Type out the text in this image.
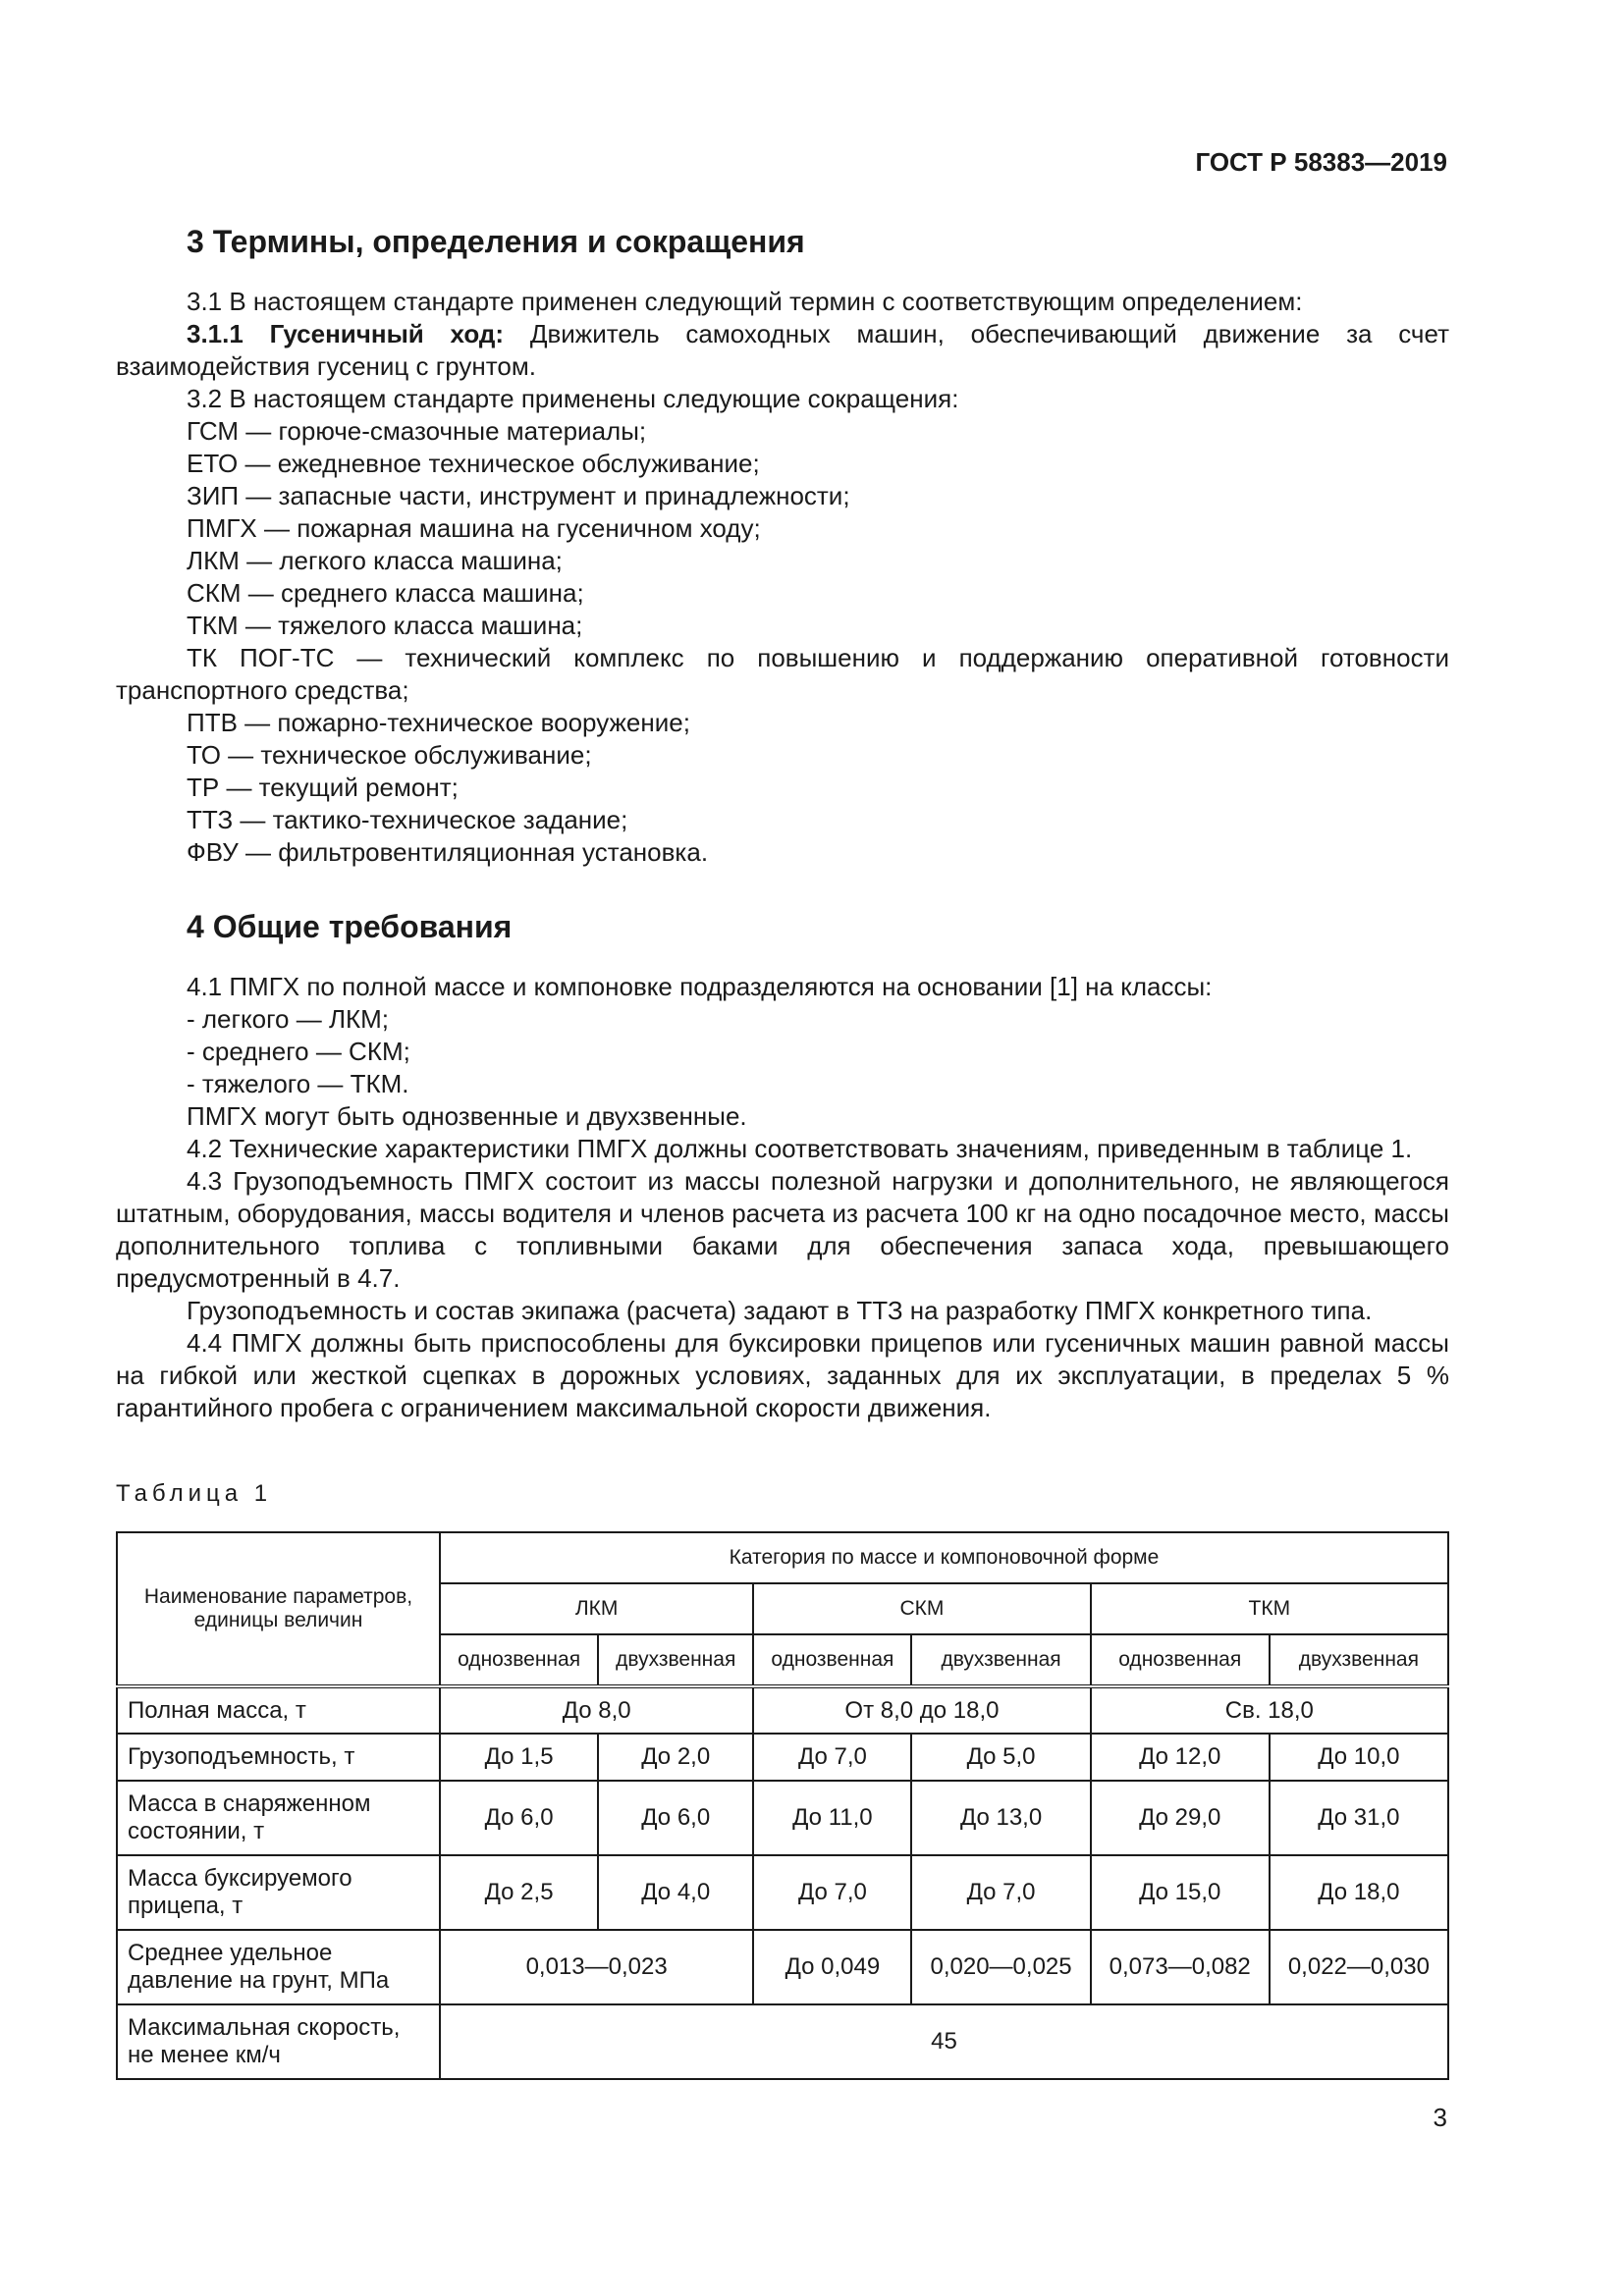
ГОСТ Р 58383—2019
3 Термины, определения и сокращения

3.1 В настоящем стандарте применен следующий термин с соответствующим определением:

3.1.1 Гусеничный ход: Движитель самоходных машин, обеспечивающий движение за счет взаимодействия гусениц с грунтом.

3.2 В настоящем стандарте применены следующие сокращения:

ГСМ — горюче-смазочные материалы;

ЕТО — ежедневное техническое обслуживание;

ЗИП — запасные части, инструмент и принадлежности;

ПМГХ — пожарная машина на гусеничном ходу;

ЛКМ — легкого класса машина;

СКМ — среднего класса машина;

ТКМ — тяжелого класса машина;

ТК ПОГ-ТС — технический комплекс по повышению и поддержанию оперативной готовности транспортного средства;

ПТВ — пожарно-техническое вооружение;

ТО — техническое обслуживание;

ТР — текущий ремонт;

ТТЗ — тактико-техническое задание;

ФВУ — фильтровентиляционная установка.

4 Общие требования

4.1 ПМГХ по полной массе и компоновке подразделяются на основании [1] на классы:

- легкого — ЛКМ;

- среднего — СКМ;

- тяжелого — ТКМ.

ПМГХ могут быть однозвенные и двухзвенные.

4.2 Технические характеристики ПМГХ должны соответствовать значениям, приведенным в таблице 1.

4.3 Грузоподъемность ПМГХ состоит из массы полезной нагрузки и дополнительного, не являющегося штатным, оборудования, массы водителя и членов расчета из расчета 100 кг на одно посадочное место, массы дополнительного топлива с топливными баками для обеспечения запаса хода, превышающего предусмотренный в 4.7.

Грузоподъемность и состав экипажа (расчета) задают в ТТЗ на разработку ПМГХ конкретного типа.

4.4 ПМГХ должны быть приспособлены для буксировки прицепов или гусеничных машин равной массы на гибкой или жесткой сцепках в дорожных условиях, заданных для их эксплуатации, в пределах 5 % гарантийного пробега с ограничением максимальной скорости движения.

Таблица 1
Наименование параметров, единицы величин	Категория по массе и компоновочной форме					
	ЛКМ		СКМ		ТКМ	
	однозвенная	двухзвенная	однозвенная	двухзвенная	однозвенная	двухзвенная
Полная масса, т	До 8,0		От 8,0 до 18,0		Св. 18,0	
Грузоподъемность, т	До 1,5	До 2,0	До 7,0	До 5,0	До 12,0	До 10,0
Масса в снаряженном состоянии, т	До 6,0	До 6,0	До 11,0	До 13,0	До 29,0	До 31,0
Масса буксируемого прицепа, т	До 2,5	До 4,0	До 7,0	До 7,0	До 15,0	До 18,0
Среднее удельное давление на грунт, МПа	0,013—0,023		До 0,049	0,020—0,025	0,073—0,082	0,022—0,030
Максимальная скорость, не менее км/ч	45					
3
